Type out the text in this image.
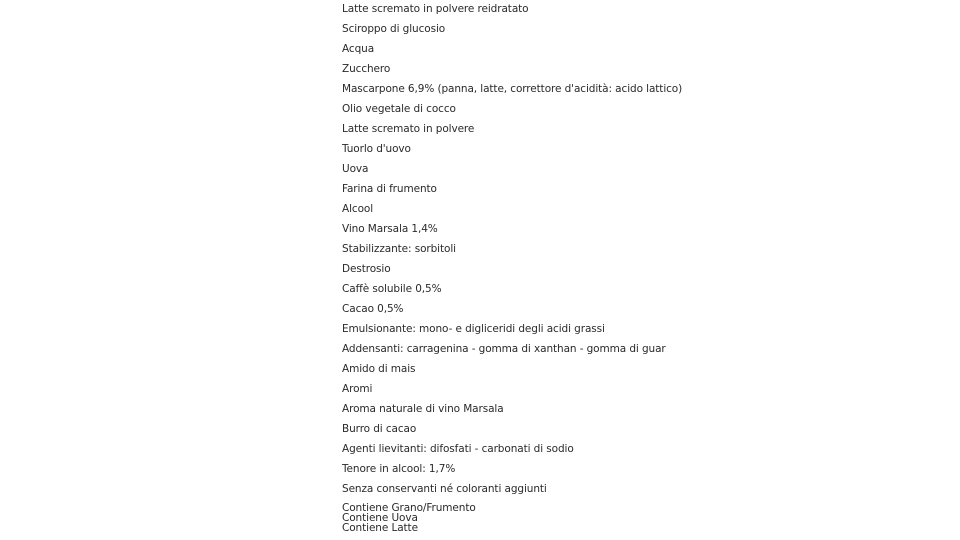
Latte scremato in polvere reidratato
Sciroppo di glucosio
Acqua
Zucchero
Mascarpone 6,9% (panna, latte, correttore d'acidità: acido lattico)
Olio vegetale di cocco
Latte scremato in polvere
Tuorlo d'uovo
Uova
Farina di frumento
Alcool
Vino Marsala 1,4%
Stabilizzante: sorbitoli
Destrosio
Caffè solubile 0,5%
Cacao 0,5%
Emulsionante: mono- e digliceridi degli acidi grassi
Addensanti: carragenina - gomma di xanthan - gomma di guar
Amido di mais
Aromi
Aroma naturale di vino Marsala
Burro di cacao
Agenti lievitanti: difosfati - carbonati di sodio
Tenore in alcool: 1,7%
Senza conservanti né coloranti aggiunti
Contiene Grano/Frumento
Contiene Uova
Contiene Latte
